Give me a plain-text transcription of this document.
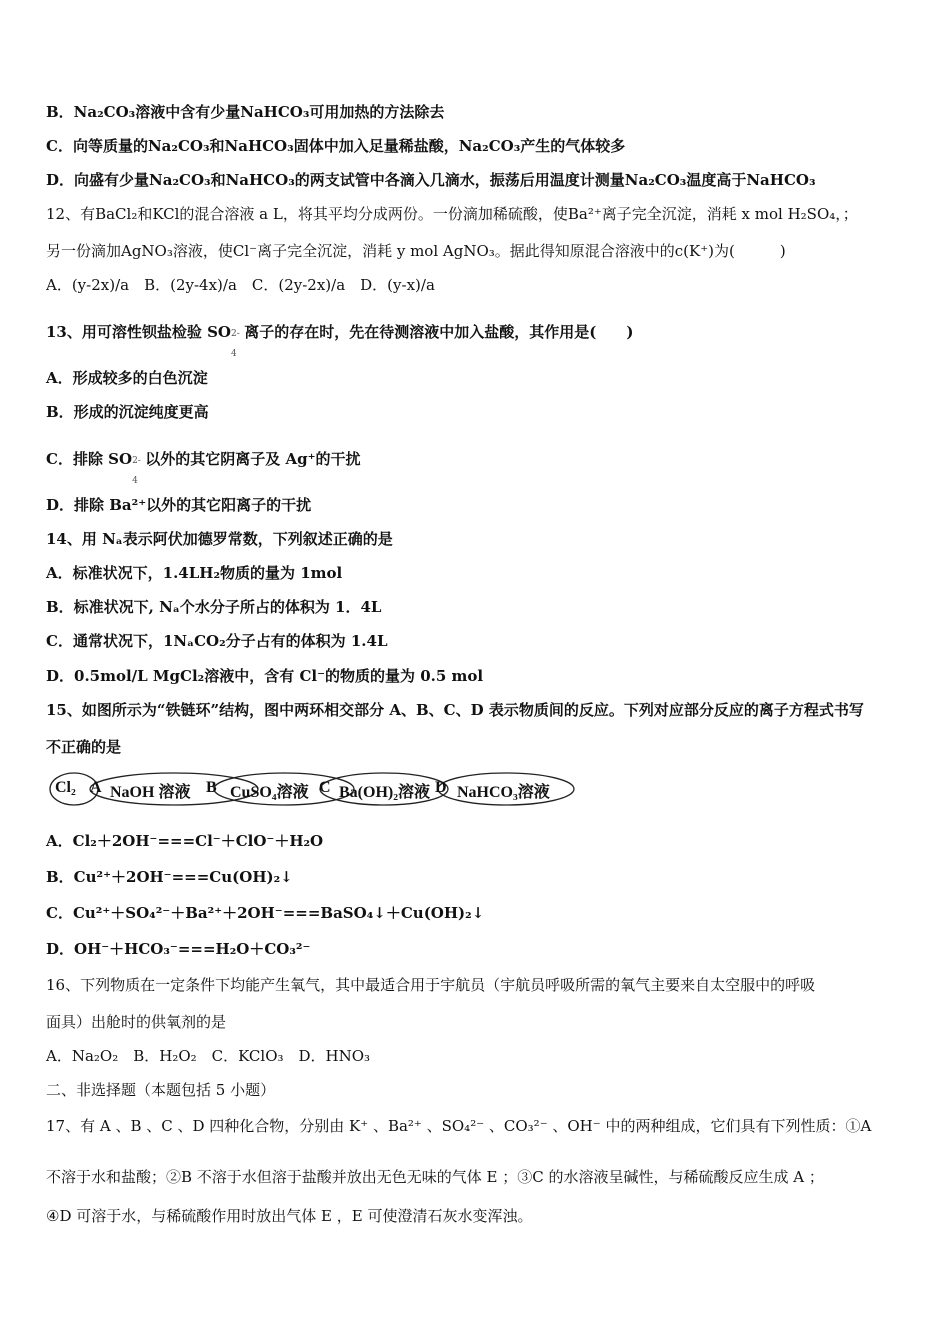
B．Na₂CO₃溶液中含有少量NaHCO₃可用加热的方法除去
C．向等质量的Na₂CO₃和NaHCO₃固体中加入足量稀盐酸，Na₂CO₃产生的气体较多
D．向盛有少量Na₂CO₃和NaHCO₃的两支试管中各滴入几滴水，振荡后用温度计测量Na₂CO₃温度高于NaHCO₃
12、有BaCl₂和KCl的混合溶液 a L，将其平均分成两份。一份滴加稀硫酸，使Ba²⁺离子完全沉淀，消耗 x mol H₂SO₄，；
另一份滴加AgNO₃溶液，使Cl⁻离子完全沉淀，消耗 y mol AgNO₃。据此得知原混合溶液中的c(K⁺)为(　　　)
A．(y-2x)/a　B．(2y-4x)/a　C．(2y-2x)/a　D．(y-x)/a
13、用可溶性钡盐检验 SO 2-
4
离子的存在时，先在待测溶液中加入盐酸，其作用是(　　)
A．形成较多的白色沉淀
B．形成的沉淀纯度更高
C．排除 SO 2-
4
以外的其它阴离子及 Ag⁺的干扰
D．排除 Ba²⁺以外的其它阳离子的干扰
14、用 Nₐ表示阿伏加德罗常数，下列叙述正确的是
A．标准状况下，1.4LH₂物质的量为 1mol
B．标准状况下, Nₐ个水分子所占的体积为 1．4L
C．通常状况下，1NₐCO₂分子占有的体积为 1.4L
D．0.5mol/L MgCl₂溶液中，含有 Cl⁻的物质的量为 0.5 mol
15、如图所示为“铁链环”结构，图中两环相交部分 A、B、C、D 表示物质间的反应。下列对应部分反应的离子方程式书写
不正确的是
Cl₂ A NaOH 溶液 B CuSO₄溶液 C Ba(OH)₂溶液 D NaHCO₃溶液
A．Cl₂＋2OH⁻===Cl⁻＋ClO⁻＋H₂O
B．Cu²⁺＋2OH⁻===Cu(OH)₂↓
C．Cu²⁺＋SO₄²⁻＋Ba²⁺＋2OH⁻===BaSO₄↓＋Cu(OH)₂↓
D．OH⁻＋HCO₃⁻===H₂O＋CO₃²⁻
16、下列物质在一定条件下均能产生氧气，其中最适合用于宇航员（宇航员呼吸所需的氧气主要来自太空服中的呼吸
面具）出舱时的供氧剂的是
A．Na₂O₂　B．H₂O₂　C．KClO₃　D．HNO₃
二、非选择题（本题包括 5 小题）
17、有 A 、B 、C 、D 四种化合物，分别由 K⁺ 、Ba²⁺ 、SO₄²⁻ 、CO₃²⁻ 、OH⁻ 中的两种组成，它们具有下列性质：①A
不溶于水和盐酸；②B 不溶于水但溶于盐酸并放出无色无味的气体 E ；③C 的水溶液呈碱性，与稀硫酸反应生成 A ；
④D 可溶于水，与稀硫酸作用时放出气体 E ，E 可使澄清石灰水变浑浊。
